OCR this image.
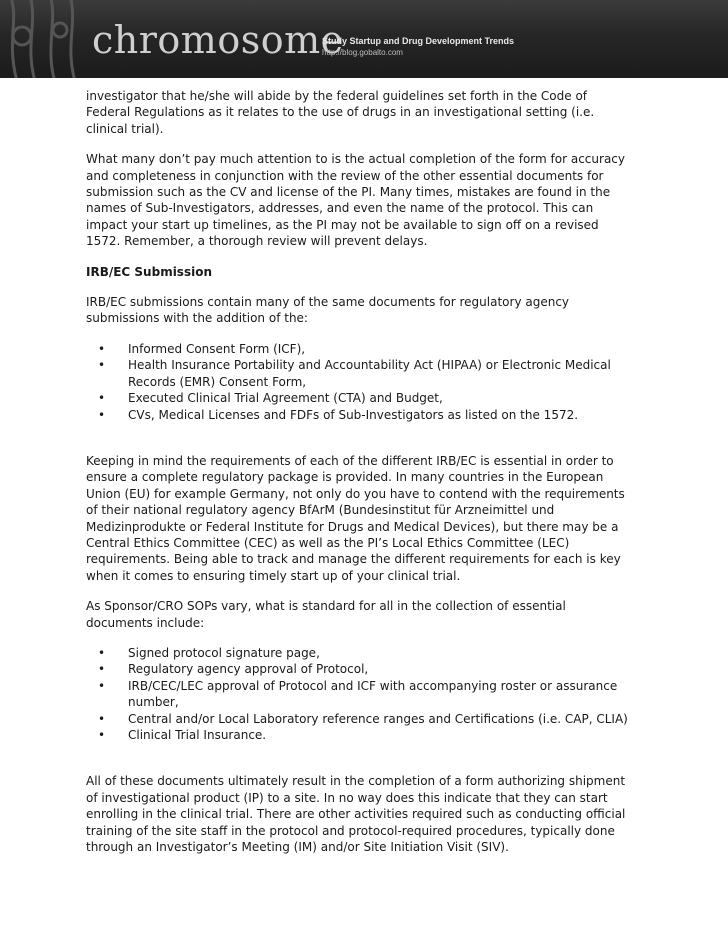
chromosome
Study Startup and Drug Development Trends
http://blog.gobalto.com

investigator that he/she will abide by the federal guidelines set forth in the Code of Federal Regulations as it relates to the use of drugs in an investigational setting (i.e. clinical trial).

What many don’t pay much attention to is the actual completion of the form for accuracy and completeness in conjunction with the review of the other essential documents for submission such as the CV and license of the PI. Many times, mistakes are found in the names of Sub-Investigators, addresses, and even the name of the protocol. This can impact your start up timelines, as the PI may not be available to sign off on a revised 1572. Remember, a thorough review will prevent delays.

IRB/EC Submission

IRB/EC submissions contain many of the same documents for regulatory agency submissions with the addition of the:

• Informed Consent Form (ICF),
• Health Insurance Portability and Accountability Act (HIPAA) or Electronic Medical Records (EMR) Consent Form,
• Executed Clinical Trial Agreement (CTA) and Budget,
• CVs, Medical Licenses and FDFs of Sub-Investigators as listed on the 1572.

Keeping in mind the requirements of each of the different IRB/EC is essential in order to ensure a complete regulatory package is provided. In many countries in the European Union (EU) for example Germany, not only do you have to contend with the requirements of their national regulatory agency BfArM (Bundesinstitut für Arzneimittel und Medizinprodukte or Federal Institute for Drugs and Medical Devices), but there may be a Central Ethics Committee (CEC) as well as the PI’s Local Ethics Committee (LEC) requirements. Being able to track and manage the different requirements for each is key when it comes to ensuring timely start up of your clinical trial.

As Sponsor/CRO SOPs vary, what is standard for all in the collection of essential documents include:

• Signed protocol signature page,
• Regulatory agency approval of Protocol,
• IRB/CEC/LEC approval of Protocol and ICF with accompanying roster or assurance number,
• Central and/or Local Laboratory reference ranges and Certifications (i.e. CAP, CLIA)
• Clinical Trial Insurance.

All of these documents ultimately result in the completion of a form authorizing shipment of investigational product (IP) to a site. In no way does this indicate that they can start enrolling in the clinical trial. There are other activities required such as conducting official training of the site staff in the protocol and protocol-required procedures, typically done through an Investigator’s Meeting (IM) and/or Site Initiation Visit (SIV).
